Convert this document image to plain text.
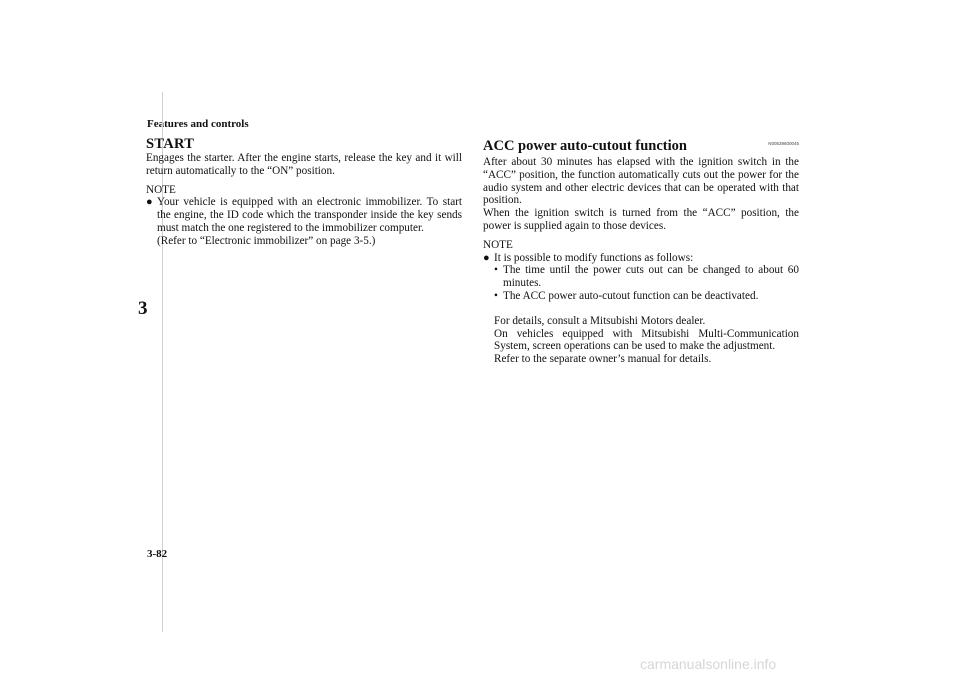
Features and controls
3
START
Engages the starter. After the engine starts, release the key and it will return automatically to the “ON” position.
NOTE
● Your vehicle is equipped with an electronic immobilizer. To start the engine, the ID code which the transponder inside the key sends must match the one registered to the immobilizer computer.
(Refer to “Electronic immobilizer” on page 3-5.)
ACC power auto-cutout function	N00539600045
After about 30 minutes has elapsed with the ignition switch in the “ACC” position, the function automatically cuts out the power for the audio system and other electric devices that can be operated with that position.
When the ignition switch is turned from the “ACC” position, the power is supplied again to those devices.
NOTE
● It is possible to modify functions as follows:
• The time until the power cuts out can be changed to about 60 minutes.
• The ACC power auto-cutout function can be deactivated.
For details, consult a Mitsubishi Motors dealer.
On vehicles equipped with Mitsubishi Multi-Communication System, screen operations can be used to make the adjustment.
Refer to the separate owner’s manual for details.
3-82
carmanualsonline.info
